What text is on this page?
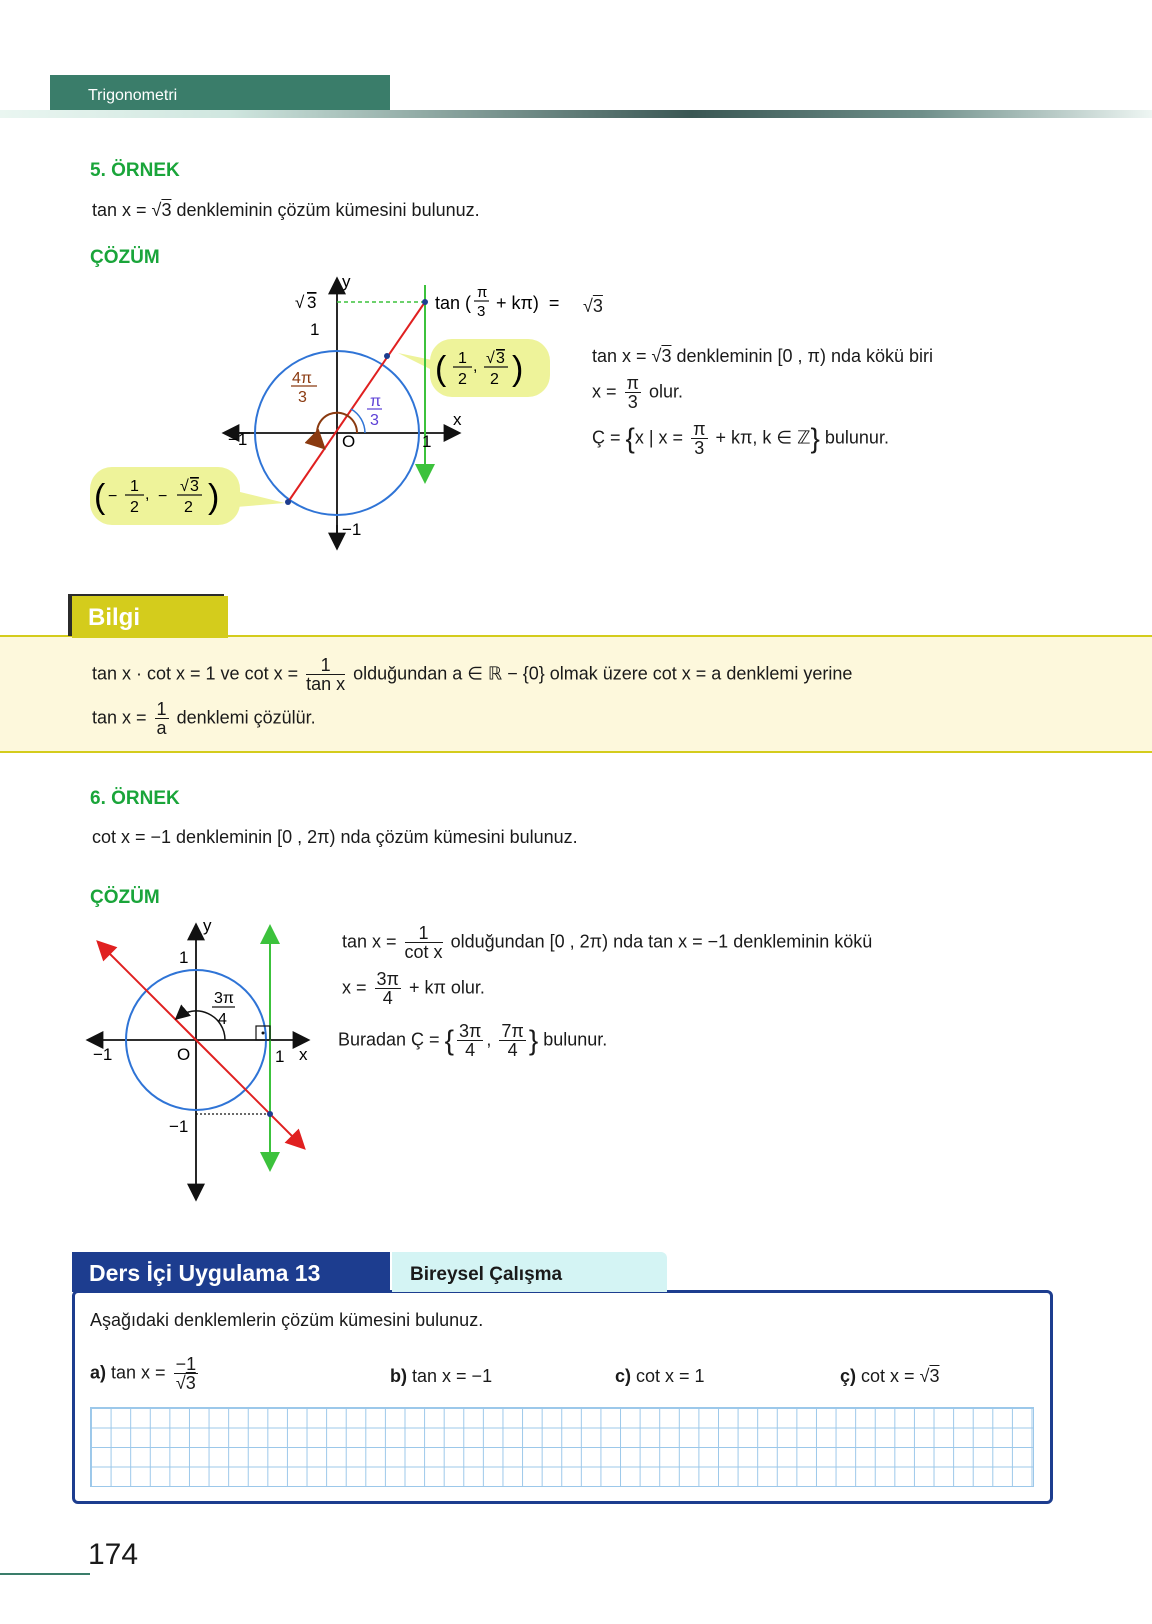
Trigonometri
5. ÖRNEK
tan x = √3 denkleminin çözüm kümesini bulunuz.
ÇÖZÜM
y
x
√ 3
1
−1	1
O
−1
π
3
4π
3
( 1
2
, √ 3
2 )
( −
1
2
, −
√ 3
2 )
tan (
π
3 + kπ)  = √3
tan x = √3 denkleminin [0 , π) nda kökü biri
$x = \frac{\pi}{3}$ olur.
Ç = {x | $x = \frac{\pi}{3} + k\pi$, k ∈ ℤ} bulunur.
Bilgi
tan x · cot x = 1 ve $\cot x = \frac{1}{\text{tan x}}$ olduğundan a ∈ ℝ − {0} olmak üzere cot x = a denklemi yerine
$\tan x = \frac{1}{a}$ denklemi çözülür.
6. ÖRNEK
cot x = −1 denkleminin [0 , 2π) nda çözüm kümesini bulunuz.
ÇÖZÜM
y
x
1
−1	1
O
−1
3π
4
$\tan x = \frac{1}{\text{cot x}}$ olduğundan [0 , 2π) nda tan x = −1 denkleminin kökü
$x = \frac{3\pi}{4} + k\pi$ olur.
Buradan Ç = { $\frac{3\pi}{4}$ , $\frac{7\pi}{4}$ } bulunur.
Ders İçi Uygulama 13	Bireysel Çalışma
Aşağıdaki denklemlerin çözüm kümesini bulunuz.
a) $\tan x = \frac{-1}{√3}$	b) tan x = −1	c) cot x = 1	ç) cot x = √3
174
